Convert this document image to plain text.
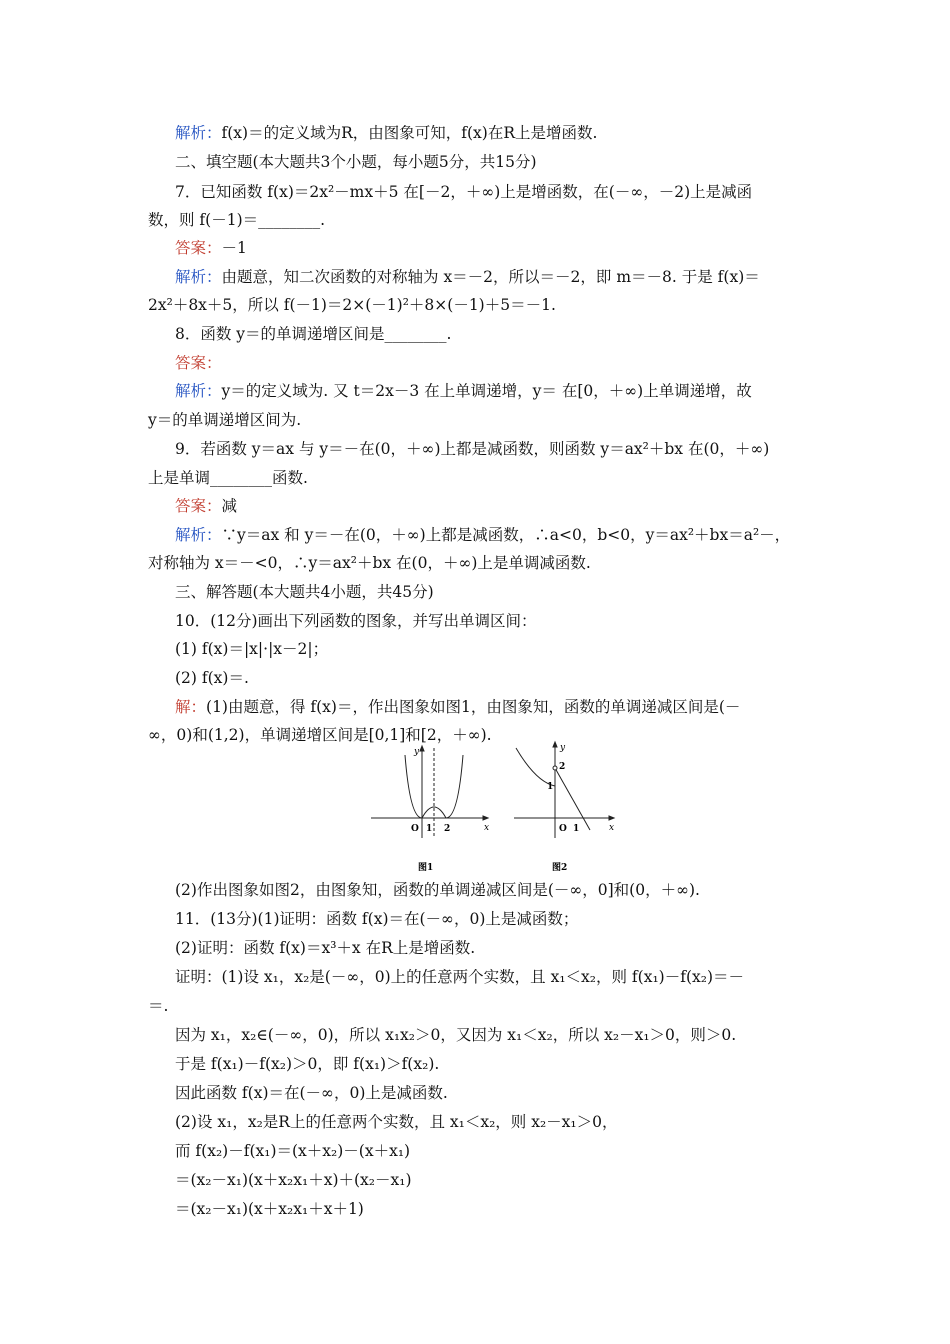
解析：f(x)＝的定义域为R，由图象可知，f(x)在R上是增函数.
二、填空题(本大题共3个小题，每小题5分，共15分)
7．已知函数 f(x)＝2x²－mx＋5 在[－2，＋∞)上是增函数，在(－∞，－2)上是减函
数，则 f(－1)＝________.
答案：－1
解析：由题意，知二次函数的对称轴为 x＝－2，所以＝－2，即 m＝－8. 于是 f(x)＝
2x²＋8x＋5，所以 f(－1)＝2×(－1)²＋8×(－1)＋5＝－1.
8．函数 y＝的单调递增区间是________.
答案：
解析：y＝的定义域为. 又 t＝2x－3 在上单调递增，y＝ 在[0，＋∞)上单调递增，故
y＝的单调递增区间为.
9．若函数 y＝ax 与 y＝－在(0，＋∞)上都是减函数，则函数 y＝ax²＋bx 在(0，＋∞)
上是单调________函数.
答案：减
解析：∵y＝ax 和 y＝－在(0，＋∞)上都是减函数，∴a<0，b<0，y＝ax²＋bx＝a²－，
对称轴为 x＝－<0，∴y＝ax²＋bx 在(0，＋∞)上是单调减函数.
三、解答题(本大题共4小题，共45分)
10．(12分)画出下列函数的图象，并写出单调区间：
(1) f(x)＝|x|·|x－2|；
(2) f(x)＝.
解：(1)由题意，得 f(x)＝，作出图象如图1，由图象知，函数的单调递减区间是(－
∞，0)和(1,2)，单调递增区间是[0,1]和[2，＋∞).
y
x
O 1 2
图1
y
x
O 1
1
2
图2
(2)作出图象如图2，由图象知，函数的单调递减区间是(－∞，0]和(0，＋∞).
11．(13分)(1)证明：函数 f(x)＝在(－∞，0)上是减函数；
(2)证明：函数 f(x)＝x³＋x 在R上是增函数.
证明：(1)设 x₁，x₂是(－∞，0)上的任意两个实数，且 x₁＜x₂，则 f(x₁)－f(x₂)＝－
＝.
因为 x₁，x₂∈(－∞，0)，所以 x₁x₂＞0，又因为 x₁＜x₂，所以 x₂－x₁＞0，则＞0.
于是 f(x₁)－f(x₂)＞0，即 f(x₁)＞f(x₂).
因此函数 f(x)＝在(－∞，0)上是减函数.
(2)设 x₁，x₂是R上的任意两个实数，且 x₁＜x₂，则 x₂－x₁＞0，
而 f(x₂)－f(x₁)＝(x＋x₂)－(x＋x₁)
＝(x₂－x₁)(x＋x₂x₁＋x)＋(x₂－x₁)
＝(x₂－x₁)(x＋x₂x₁＋x＋1)
